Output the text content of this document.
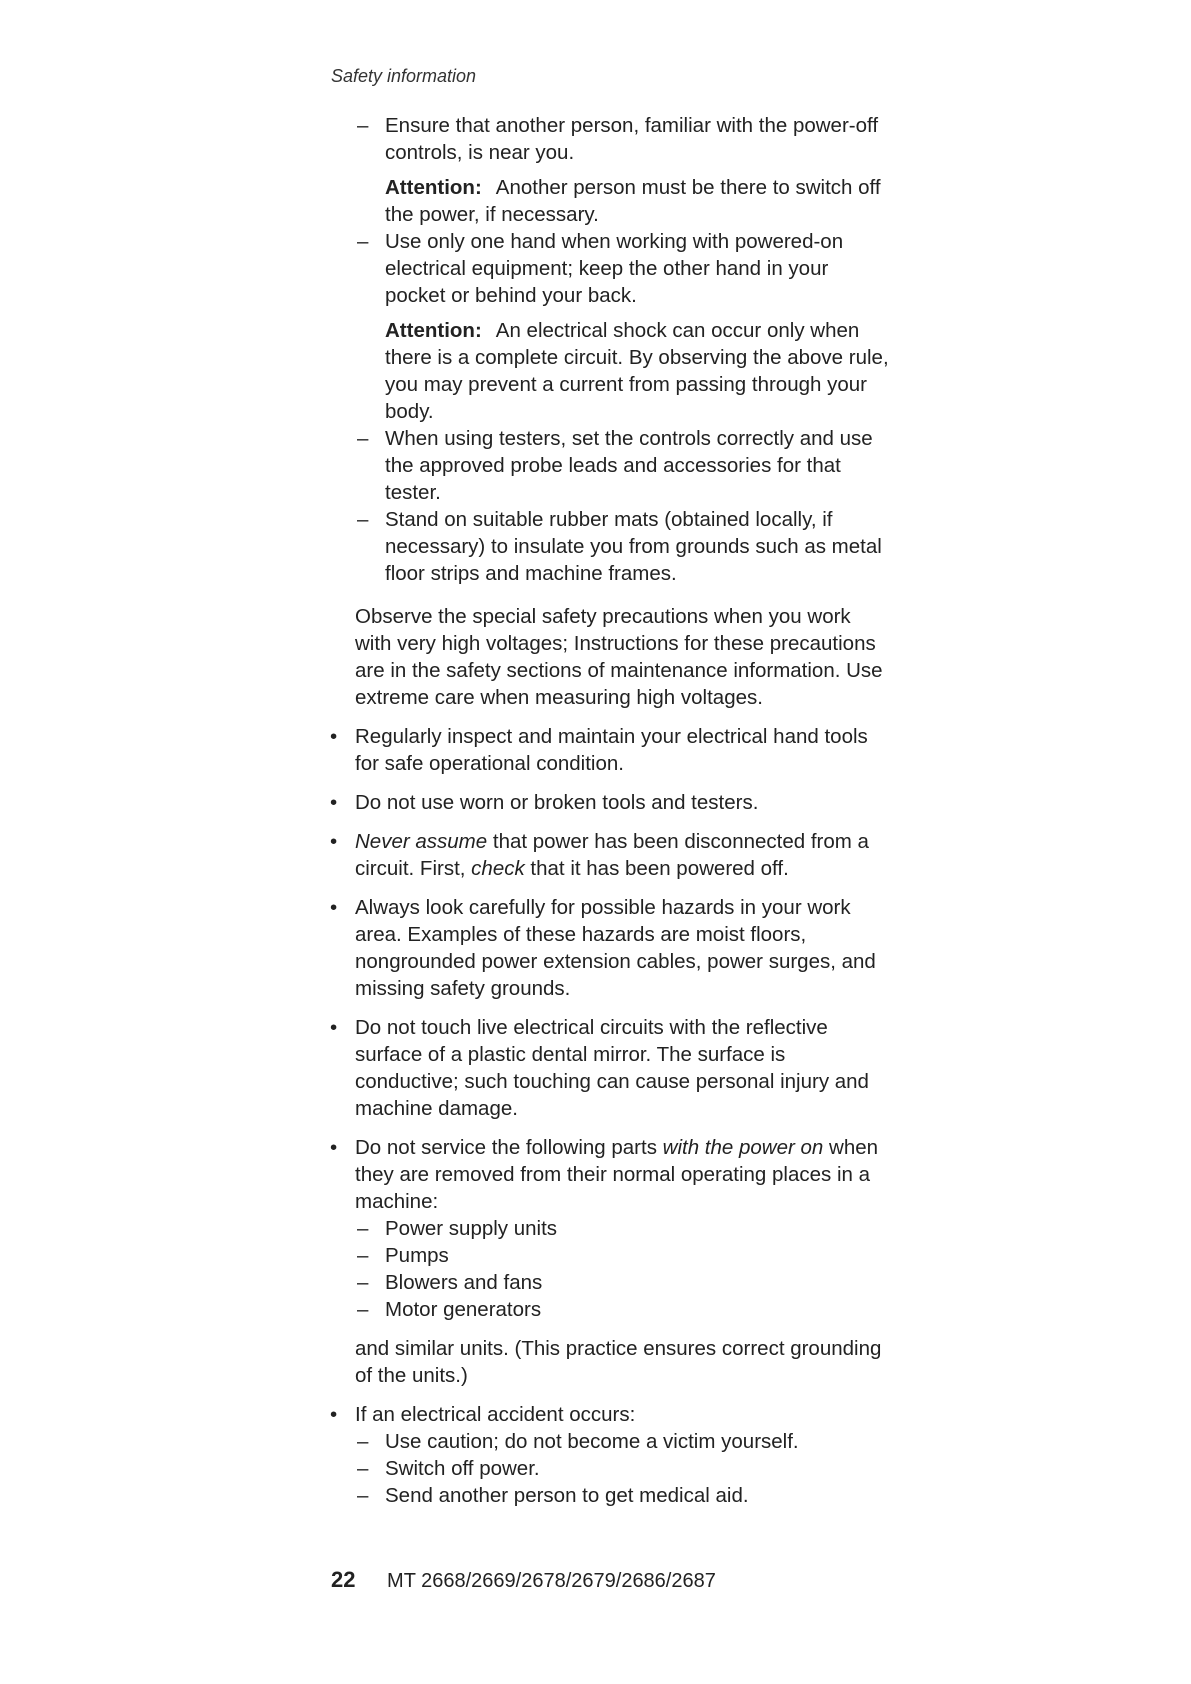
Safety information
– Ensure that another person, familiar with the power-off controls, is near you.
Attention: Another person must be there to switch off the power, if necessary.
– Use only one hand when working with powered-on electrical equipment; keep the other hand in your pocket or behind your back.
Attention: An electrical shock can occur only when there is a complete circuit. By observing the above rule, you may prevent a current from passing through your body.
– When using testers, set the controls correctly and use the approved probe leads and accessories for that tester.
– Stand on suitable rubber mats (obtained locally, if necessary) to insulate you from grounds such as metal floor strips and machine frames.
Observe the special safety precautions when you work with very high voltages; Instructions for these precautions are in the safety sections of maintenance information. Use extreme care when measuring high voltages.
• Regularly inspect and maintain your electrical hand tools for safe operational condition.
• Do not use worn or broken tools and testers.
• Never assume that power has been disconnected from a circuit. First, check that it has been powered off.
• Always look carefully for possible hazards in your work area. Examples of these hazards are moist floors, nongrounded power extension cables, power surges, and missing safety grounds.
• Do not touch live electrical circuits with the reflective surface of a plastic dental mirror. The surface is conductive; such touching can cause personal injury and machine damage.
• Do not service the following parts with the power on when they are removed from their normal operating places in a machine:
– Power supply units
– Pumps
– Blowers and fans
– Motor generators
and similar units. (This practice ensures correct grounding of the units.)
• If an electrical accident occurs:
– Use caution; do not become a victim yourself.
– Switch off power.
– Send another person to get medical aid.
22 MT 2668/2669/2678/2679/2686/2687
